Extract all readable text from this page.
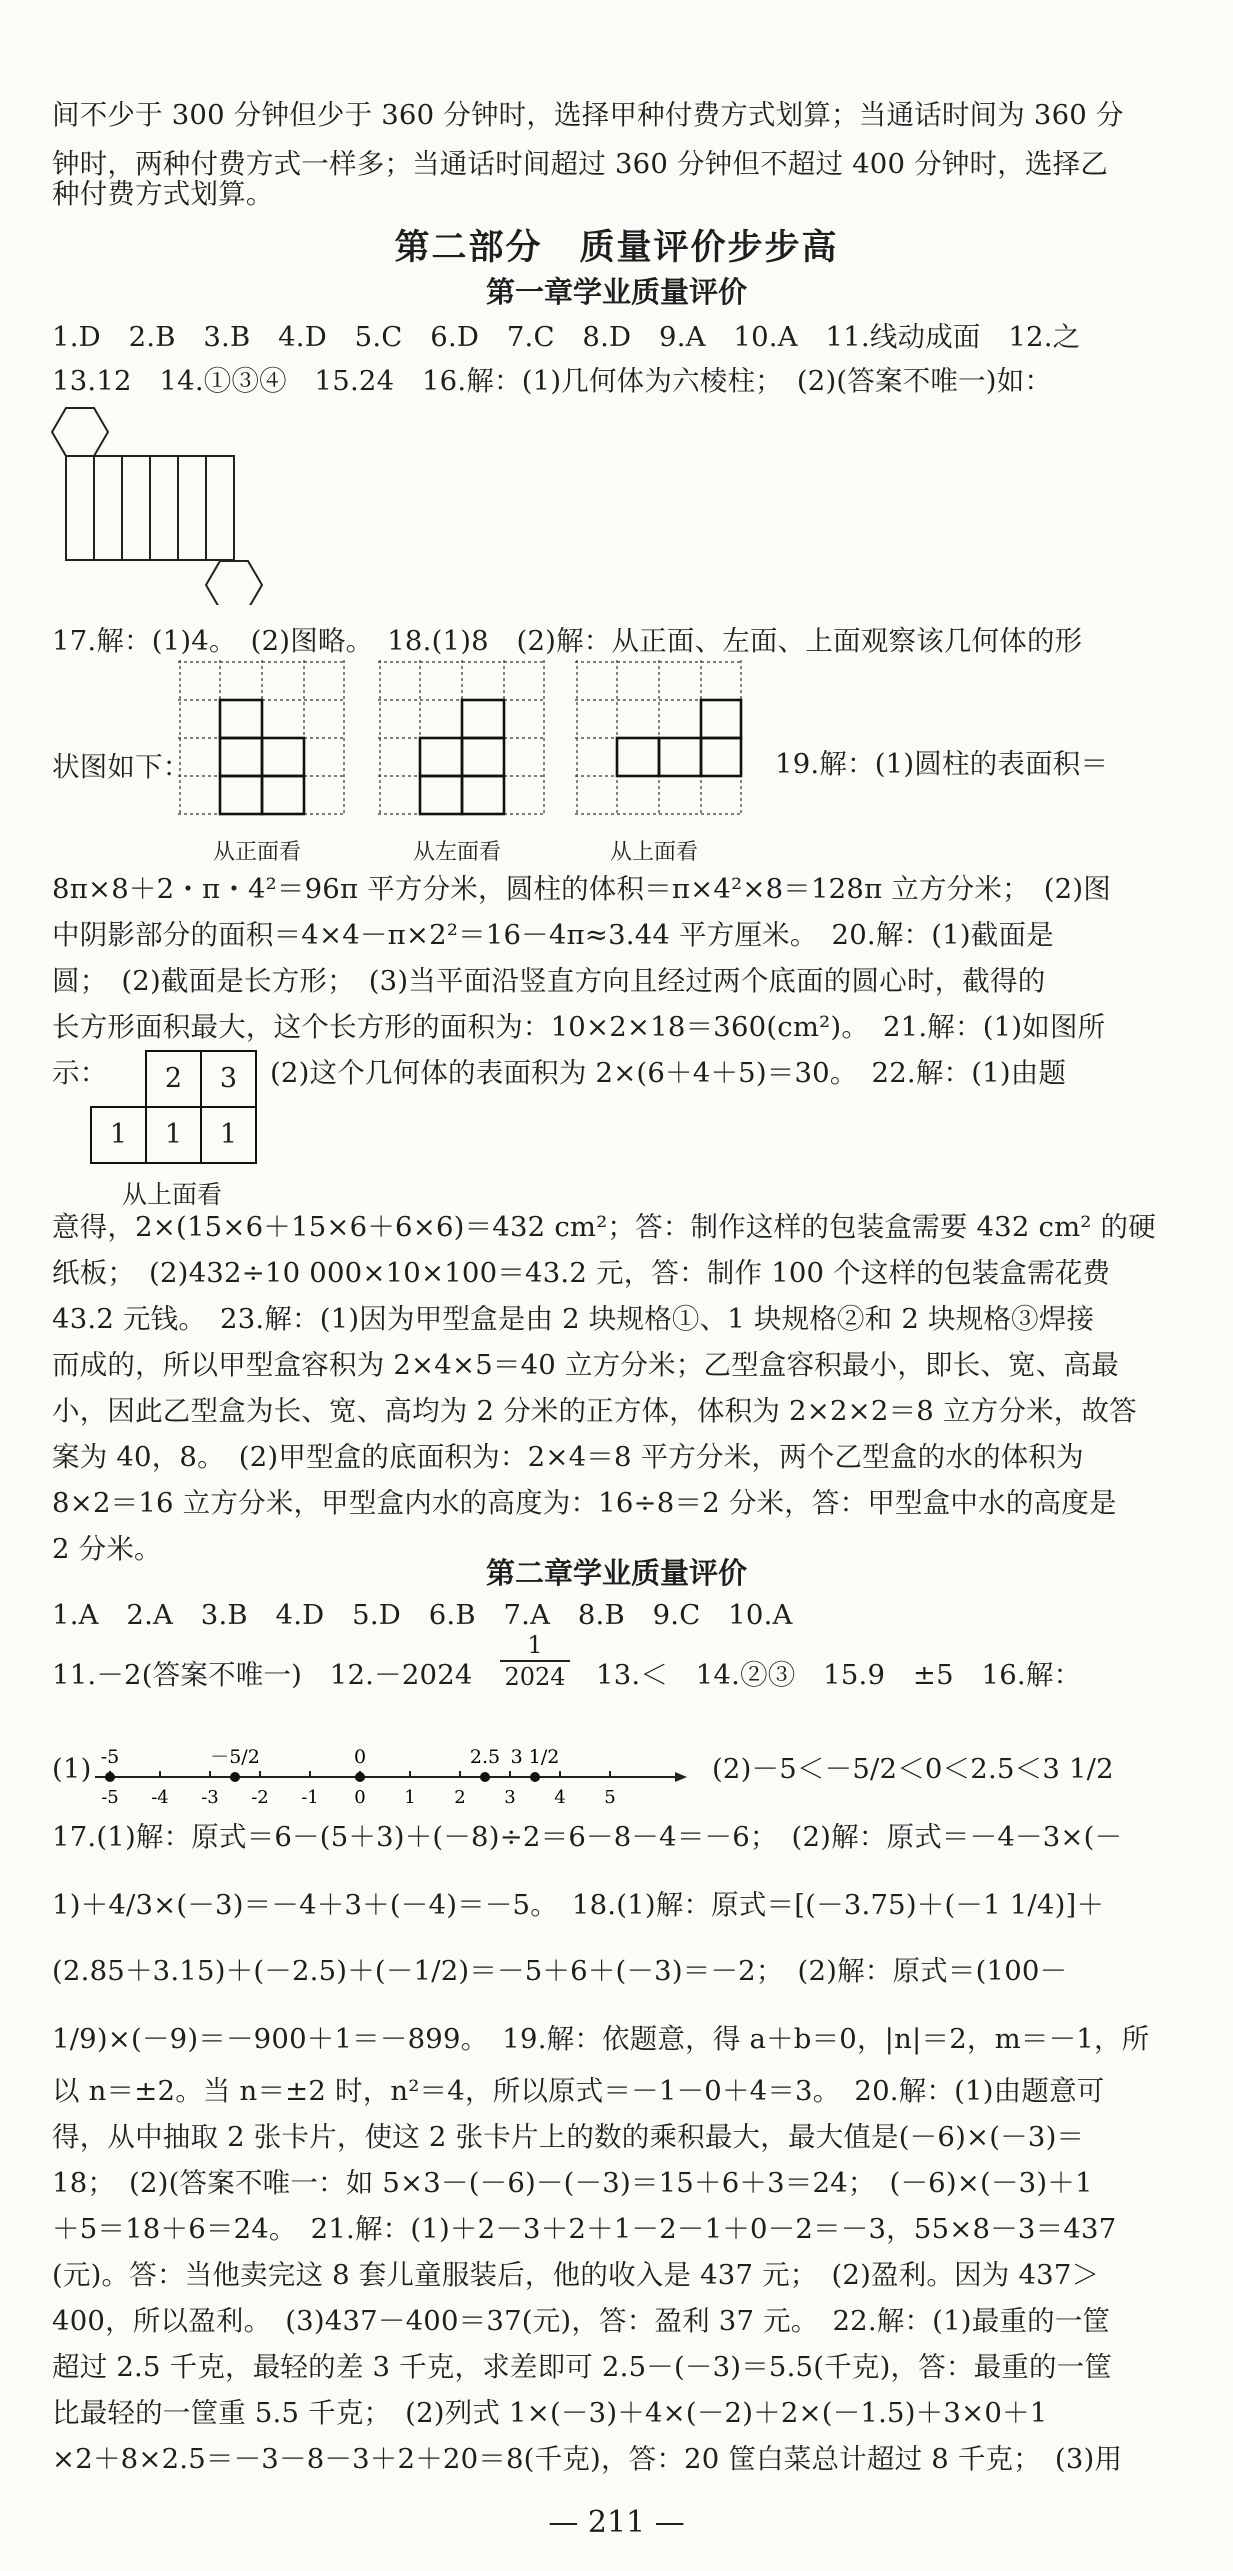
间不少于 300 分钟但少于 360 分钟时，选择甲种付费方式划算；当通话时间为 360 分
钟时，两种付费方式一样多；当通话时间超过 360 分钟但不超过 400 分钟时，选择乙
种付费方式划算。
第二部分　质量评价步步高
第一章学业质量评价
1.D　2.B　3.B　4.D　5.C　6.D　7.C　8.D　9.A　10.A　11.线动成面　12.之
13.12　14.①③④　15.24　16.解：(1)几何体为六棱柱；　(2)(答案不唯一)如：
17.解：(1)4。　(2)图略。　18.(1)8　(2)解：从正面、左面、上面观察该几何体的形
状图如下：	19.解：(1)圆柱的表面积＝
从正面看	从左面看	从上面看
8π×8＋2・π・4²＝96π 平方分米，圆柱的体积＝π×4²×8＝128π 立方分米；　(2)图
中阴影部分的面积＝4×4－π×2²＝16－4π≈3.44 平方厘米。　20.解：(1)截面是
圆；　(2)截面是长方形；　(3)当平面沿竖直方向且经过两个底面的圆心时，截得的
长方形面积最大，这个长方形的面积为：10×2×18＝360(cm²)。　21.解：(1)如图所
示：	(2)这个几何体的表面积为 2×(6＋4＋5)＝30。　22.解：(1)由题
2	3
1	1	1
从上面看
意得，2×(15×6＋15×6＋6×6)＝432 cm²；答：制作这样的包装盒需要 432 cm² 的硬
纸板；　(2)432÷10 000×10×100＝43.2 元，答：制作 100 个这样的包装盒需花费
43.2 元钱。　23.解：(1)因为甲型盒是由 2 块规格①、1 块规格②和 2 块规格③焊接
而成的，所以甲型盒容积为 2×4×5＝40 立方分米；乙型盒容积最小，即长、宽、高最
小，因此乙型盒为长、宽、高均为 2 分米的正方体，体积为 2×2×2＝8 立方分米，故答
案为 40，8。　(2)甲型盒的底面积为：2×4＝8 平方分米，两个乙型盒的水的体积为
8×2＝16 立方分米，甲型盒内水的高度为：16÷8＝2 分米，答：甲型盒中水的高度是
2 分米。
第二章学业质量评价
1.A　2.A　3.B　4.D　5.D　6.B　7.A　8.B　9.C　10.A
11.－2(答案不唯一)　$12.-2024 \frac{1}{2024} 13.<$　14.②③　15.9　±5　16.解：
(1)
-5 -4 -3 -2 -1 0 1 2 3 4 5
-5	－5/2	0	2.5 3 1/2	(2)－5＜－5/2＜0＜2.5＜3 1/2
17.(1)解：原式＝6－(5＋3)＋(－8)÷2＝6－8－4＝－6；　(2)解：原式＝－4－3×(－
1)＋4/3×(－3)＝－4＋3＋(－4)＝－5。　18.(1)解：原式＝[(－3.75)＋(－1 1/4)]＋
(2.85＋3.15)＋(－2.5)＋(－1/2)＝－5＋6＋(－3)＝－2；　(2)解：原式＝(100－
1/9)×(－9)＝－900＋1＝－899。　19.解：依题意，得 a＋b＝0，|n|＝2，m＝－1，所
以 n＝±2。当 n＝±2 时，n²＝4，所以原式＝－1－0＋4＝3。　20.解：(1)由题意可
得，从中抽取 2 张卡片，使这 2 张卡片上的数的乘积最大，最大值是(－6)×(－3)＝
18；　(2)(答案不唯一：如 5×3－(－6)－(－3)＝15＋6＋3＝24；　(－6)×(－3)＋1
＋5＝18＋6＝24。　21.解：(1)＋2－3＋2＋1－2－1＋0－2＝－3，55×8－3＝437
(元)。答：当他卖完这 8 套儿童服装后，他的收入是 437 元；　(2)盈利。因为 437＞
400，所以盈利。　(3)437－400＝37(元)，答：盈利 37 元。　22.解：(1)最重的一筐
超过 2.5 千克，最轻的差 3 千克，求差即可 2.5－(－3)＝5.5(千克)，答：最重的一筐
比最轻的一筐重 5.5 千克；　(2)列式 1×(－3)＋4×(－2)＋2×(－1.5)＋3×0＋1
×2＋8×2.5＝－3－8－3＋2＋20＝8(千克)，答：20 筐白菜总计超过 8 千克；　(3)用
— 211 —
